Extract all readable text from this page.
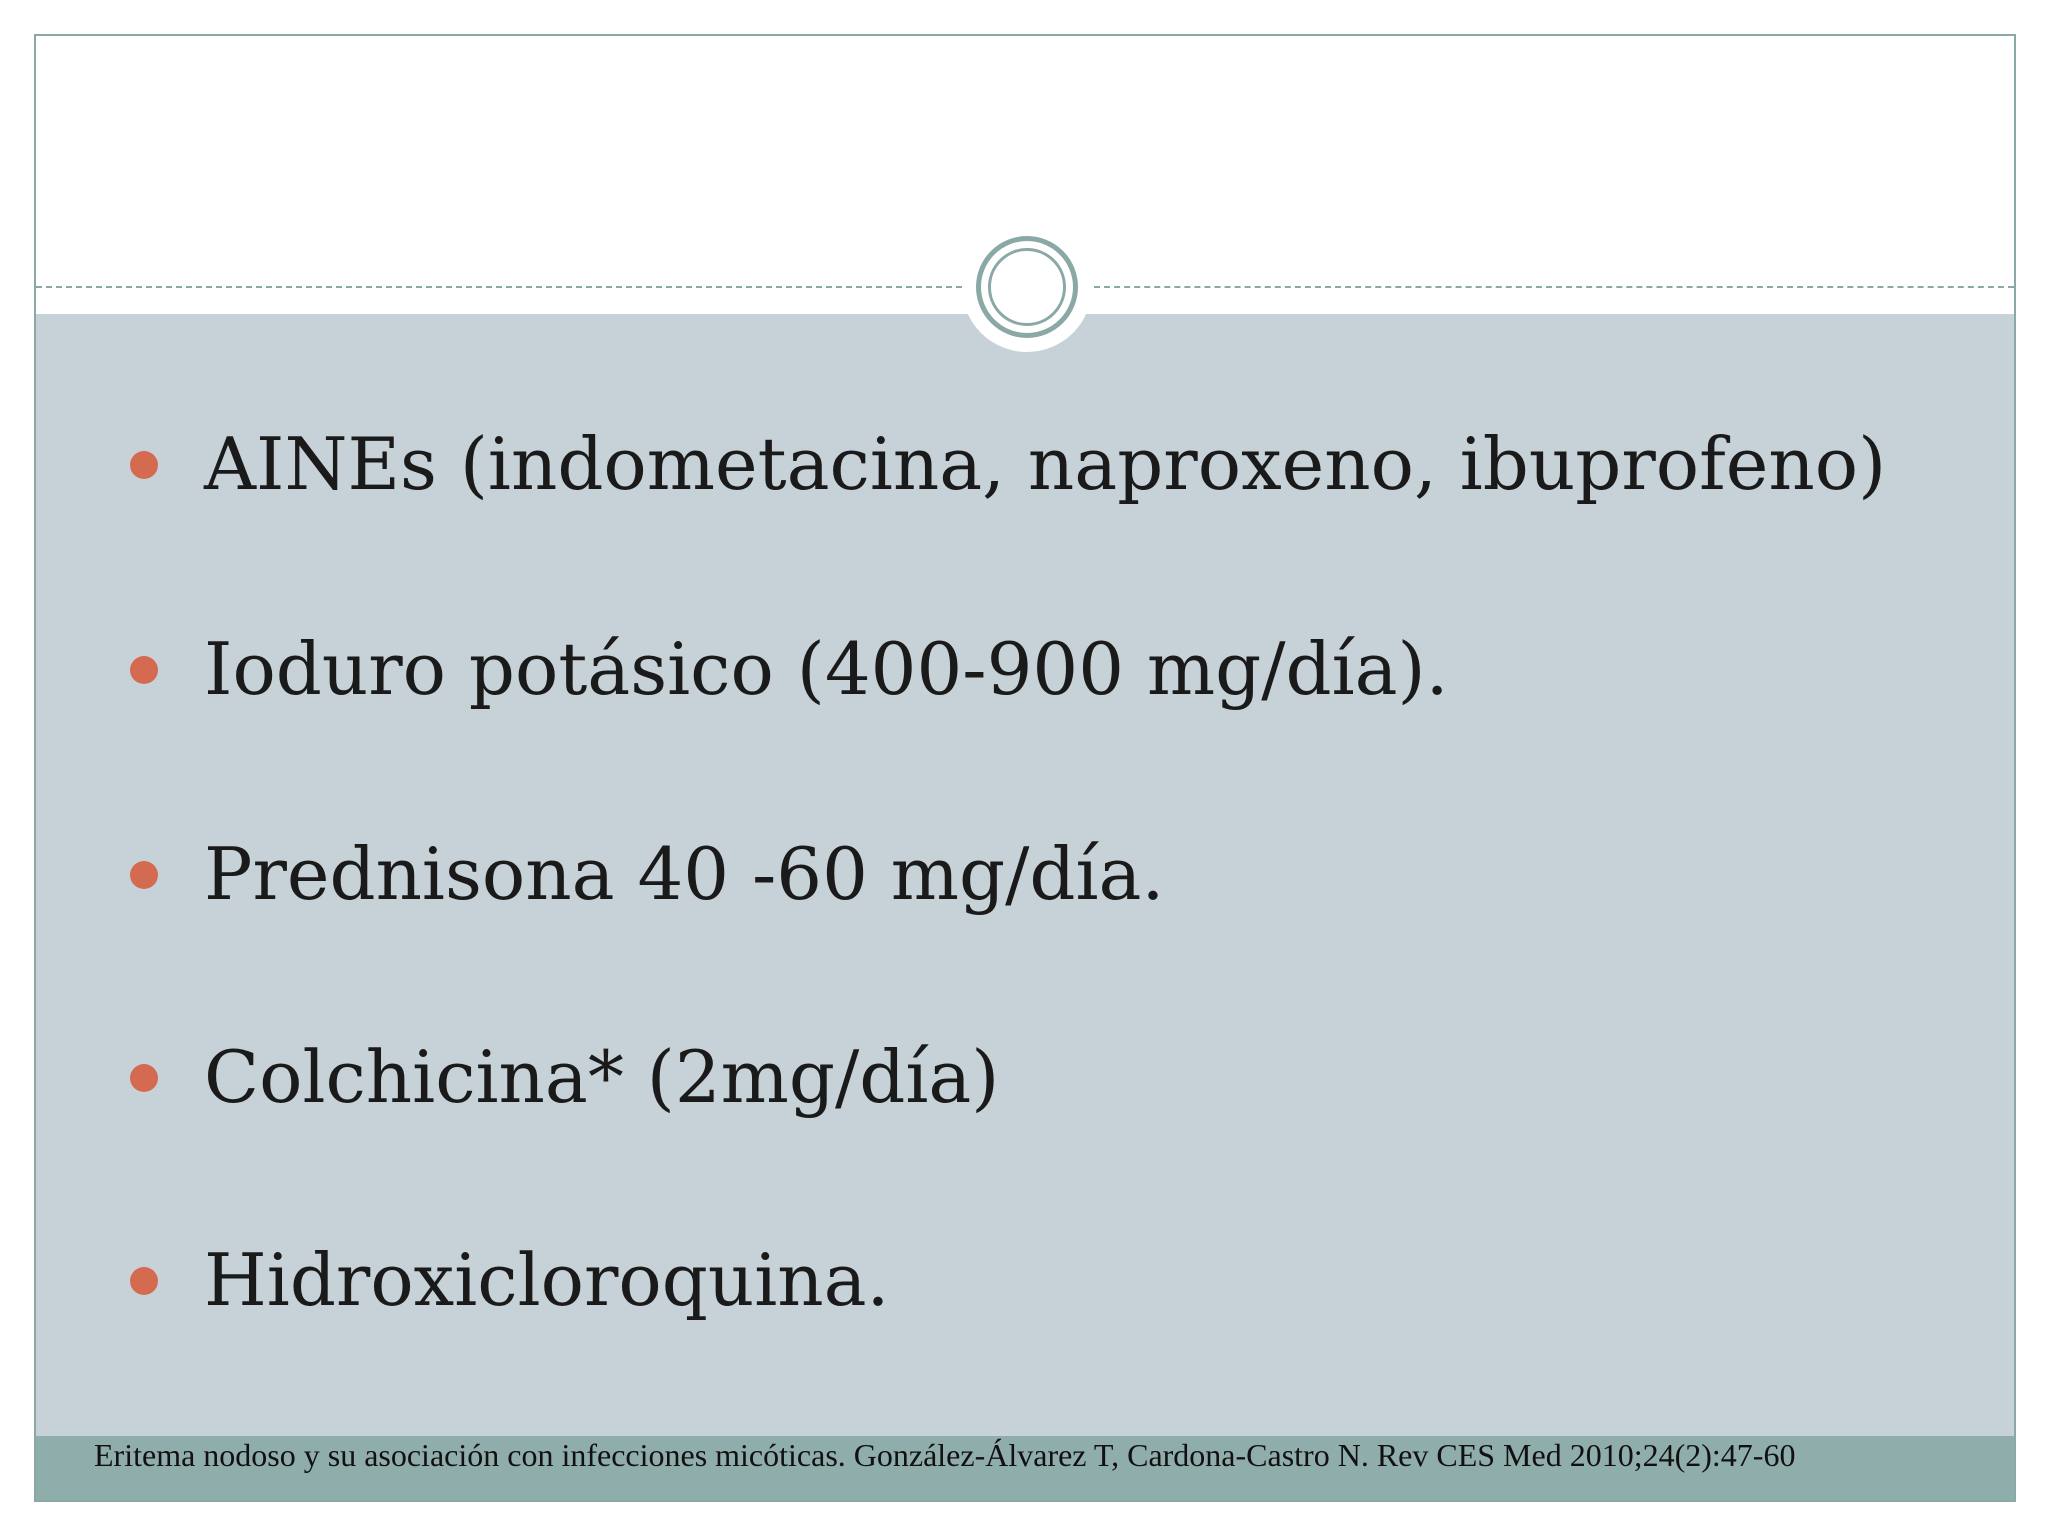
AINEs (indometacina, naproxeno, ibuprofeno)
Ioduro potásico (400-900 mg/día).
Prednisona 40 -60 mg/día.
Colchicina* (2mg/día)
Hidroxicloroquina.
Eritema nodoso y su asociación con infecciones micóticas. González-Álvarez T, Cardona-Castro N. Rev CES Med 2010;24(2):47-60
